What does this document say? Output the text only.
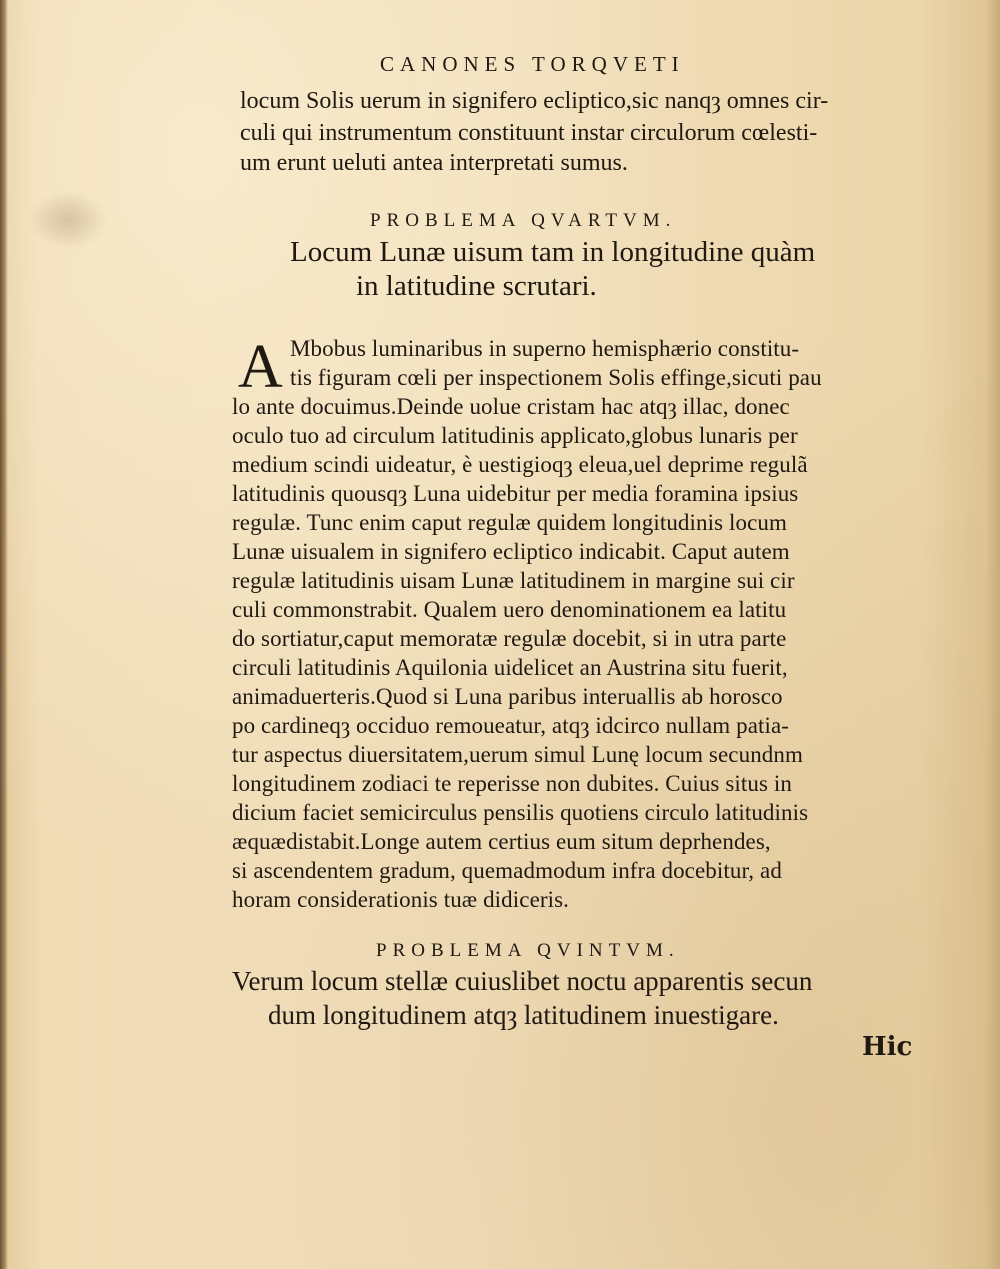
CANONES TORQVETI
locum Solis uerum in signifero ecliptico,sic nanqȝ omnes cir-
culi qui instrumentum constituunt instar circulorum cœlesti-
um erunt ueluti antea interpretati sumus.
PROBLEMA QVARTVM.
Locum Lunæ uisum tam in longitudine quàm
in latitudine scrutari.
A Mbobus luminaribus in superno hemisphærio constitu-
tis figuram cœli per inspectionem Solis effinge,sicuti pau
lo ante docuimus.Deinde uolue cristam hac atqȝ illac, donec
oculo tuo ad circulum latitudinis applicato,globus lunaris per
medium scindi uideatur, è uestigioqȝ eleua,uel deprime regulã
latitudinis quousqȝ Luna uidebitur per media foramina ipsius
regulæ. Tunc enim caput regulæ quidem longitudinis locum
Lunæ uisualem in signifero ecliptico indicabit. Caput autem
regulæ latitudinis uisam Lunæ latitudinem in margine sui cir
culi commonstrabit. Qualem uero denominationem ea latitu
do sortiatur,caput memoratæ regulæ docebit, si in utra parte
circuli latitudinis Aquilonia uidelicet an Austrina situ fuerit,
animaduerteris.Quod si Luna paribus interuallis ab horosco
po cardineqȝ occiduo remoueatur, atqȝ idcirco nullam patia-
tur aspectus diuersitatem,uerum simul Lunę locum secundnm
longitudinem zodiaci te reperisse non dubites. Cuius situs in
dicium faciet semicirculus pensilis quotiens circulo latitudinis
æquædistabit.Longe autem certius eum situm deprhendes,
si ascendentem gradum, quemadmodum infra docebitur, ad
horam considerationis tuæ didiceris.
PROBLEMA QVINTVM.
Verum locum stellæ cuiuslibet noctu apparentis secun
dum longitudinem atqȝ latitudinem inuestigare.
Hic
